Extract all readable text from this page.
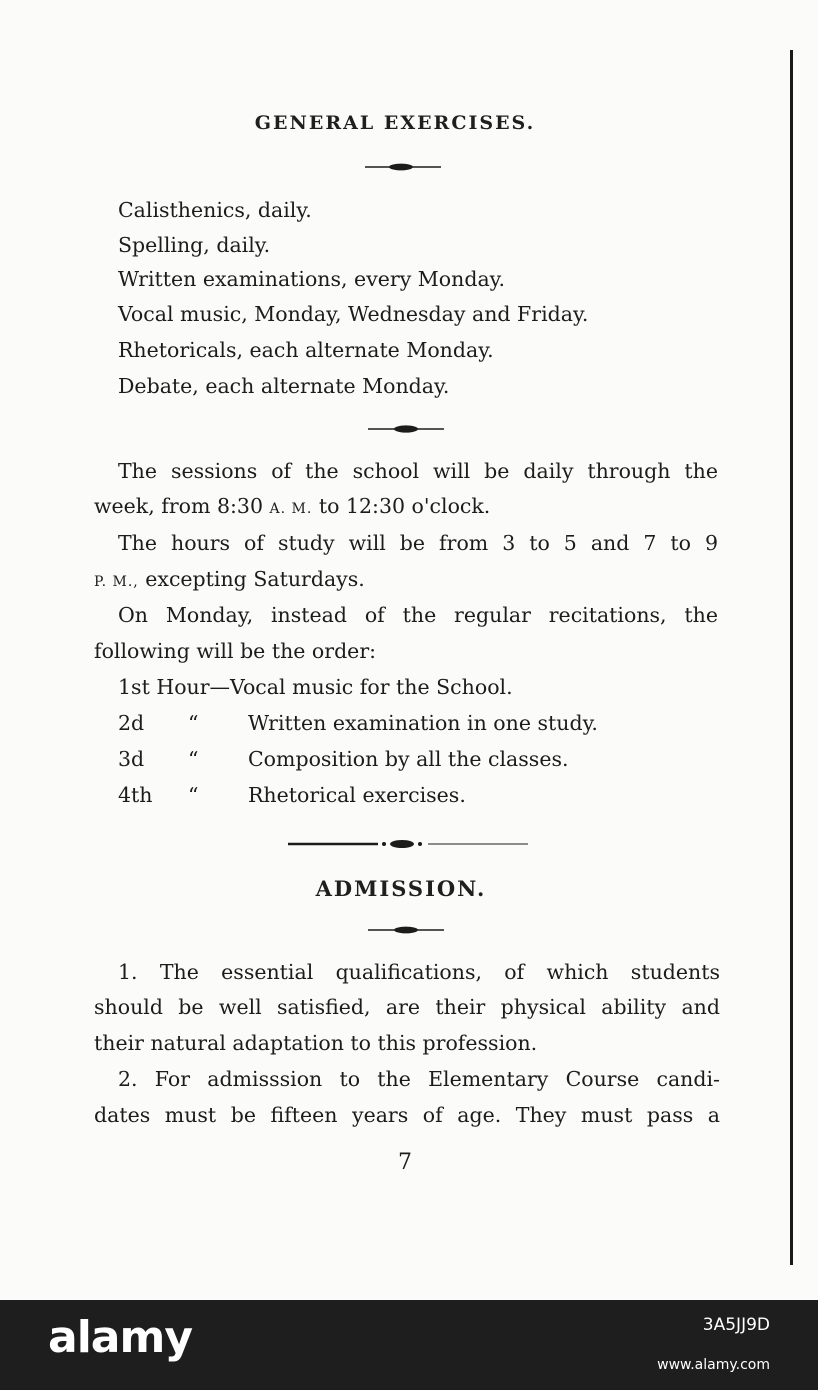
GENERAL EXERCISES.
Calisthenics, daily.
Spelling, daily.
Written examinations, every Monday.
Vocal music, Monday, Wednesday and Friday.
Rhetoricals, each alternate Monday.
Debate, each alternate Monday.
The sessions of the school will be daily through the
week, from 8:30 A. M. to 12:30 o'clock.
The hours of study will be from 3 to 5 and 7 to 9
P. M., excepting Saturdays.
On Monday, instead of the regular recitations, the
following will be the order:
1st Hour—Vocal music for the School.
2d “ Written examination in one study.
3d “ Composition by all the classes.
4th “ Rhetorical exercises.
ADMISSION.
1. The essential qualifications, of which students
should be well satisfied, are their physical ability and
their natural adaptation to this profession.
2. For admisssion to the Elementary Course candi-
dates must be fifteen years of age. They must pass a
7
alamy	3A5JJ9D
www.alamy.com
